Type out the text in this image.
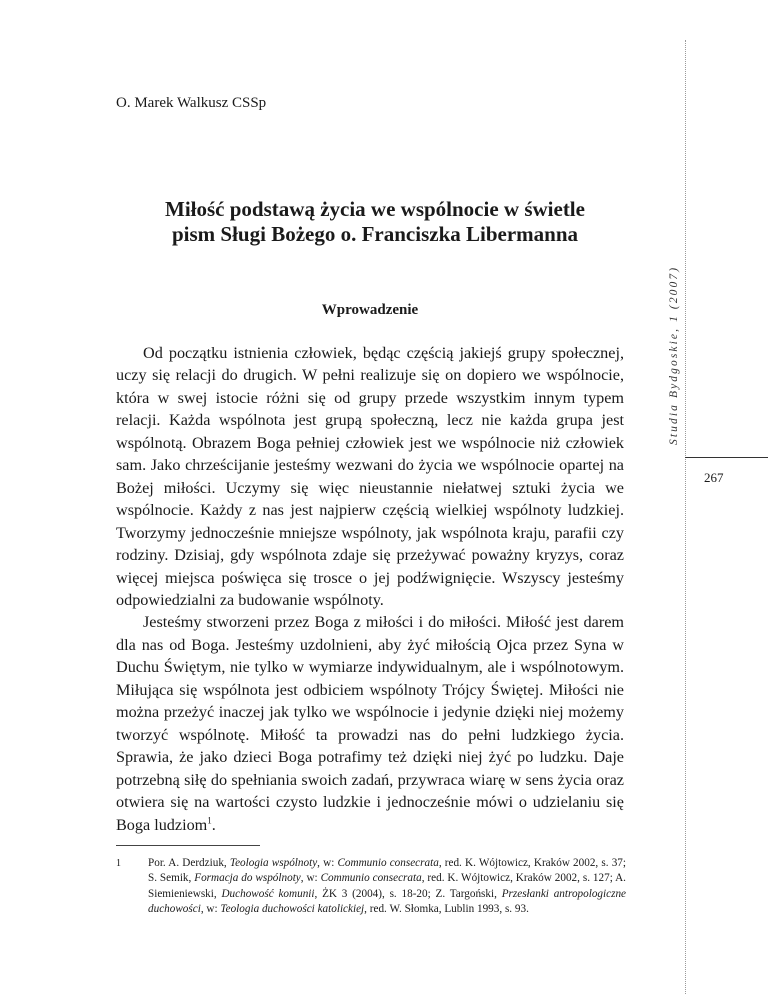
O. Marek Walkusz CSSp
Miłość podstawą życia we wspólnocie w świetle
pism Sługi Bożego o. Franciszka Libermanna
Wprowadzenie

Od początku istnienia człowiek, będąc częścią jakiejś grupy społecznej, uczy się relacji do drugich. W pełni realizuje się on dopiero we wspólnocie, która w swej istocie różni się od grupy przede wszystkim innym typem relacji. Każda wspólnota jest grupą społeczną, lecz nie każda grupa jest wspólnotą. Obrazem Boga pełniej człowiek jest we wspólnocie niż człowiek sam. Jako chrześcijanie jesteśmy wezwani do życia we wspólnocie opartej na Bożej miłości. Uczymy się więc nieustannie niełatwej sztuki życia we wspólnocie. Każdy z nas jest najpierw częścią wielkiej wspólnoty ludzkiej. Tworzymy jednocześnie mniejsze wspólnoty, jak wspólnota kraju, parafii czy rodziny. Dzisiaj, gdy wspólnota zdaje się przeżywać poważny kryzys, coraz więcej miejsca poświęca się trosce o jej podźwignięcie. Wszyscy jesteśmy odpowiedzialni za budowanie wspólnoty.

Jesteśmy stworzeni przez Boga z miłości i do miłości. Miłość jest darem dla nas od Boga. Jesteśmy uzdolnieni, aby żyć miłością Ojca przez Syna w Duchu Świętym, nie tylko w wymiarze indywidualnym, ale i wspólnotowym. Miłująca się wspólnota jest odbiciem wspólnoty Trójcy Świętej. Miłości nie można przeżyć inaczej jak tylko we wspólnocie i jedynie dzięki niej możemy tworzyć wspólnotę. Miłość ta prowadzi nas do pełni ludzkiego życia. Sprawia, że jako dzieci Boga potrafimy też dzięki niej żyć po ludzku. Daje potrzebną siłę do spełniania swoich zadań, przywraca wiarę w sens życia oraz otwiera się na wartości czysto ludzkie i jednocześnie mówi o udzielaniu się Boga ludziom$^1$.

1 Por. A. Derdziuk, Teologia wspólnoty, w: Communio consecrata, red. K. Wójtowicz, Kraków 2002, s. 37; S. Semik, Formacja do wspólnoty, w: Communio consecrata, red. K. Wójtowicz, Kraków 2002, s. 127; A. Siemieniewski, Duchowość komunii, ŻK 3 (2004), s. 18-20; Z. Targoński, Przesłanki antropologiczne duchowości, w: Teologia duchowości katolickiej, red. W. Słomka, Lublin 1993, s. 93.
Studia Bydgoskie, 1 (2007)
267
